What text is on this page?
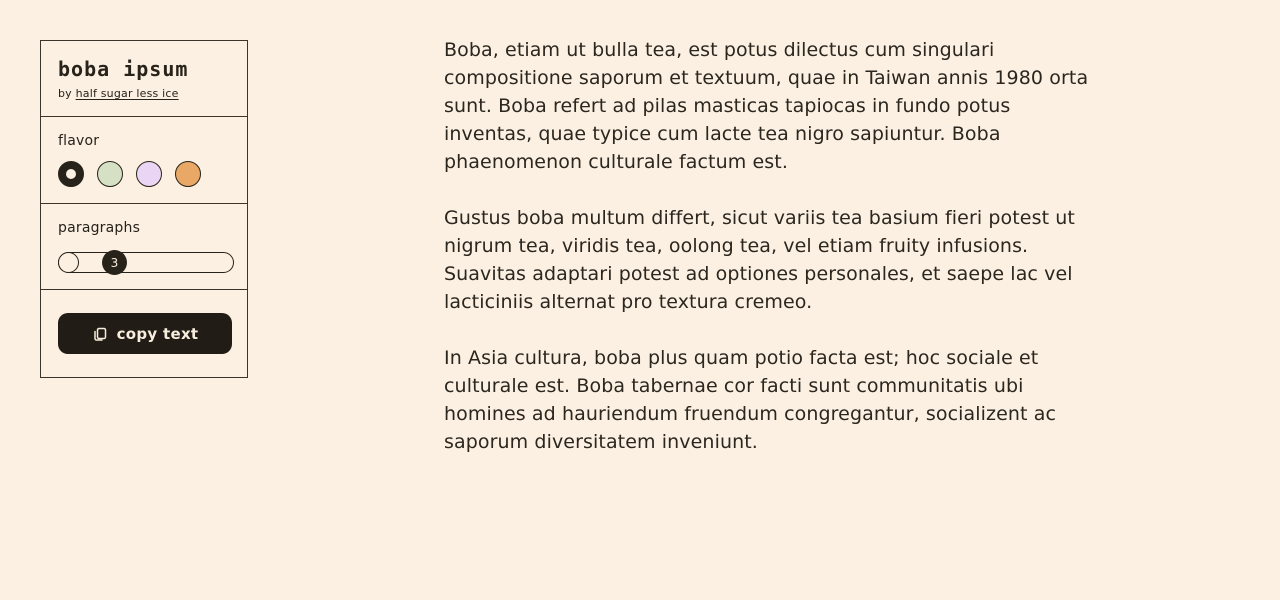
boba ipsum
by half sugar less ice
flavor
paragraphs
3
copy text

Boba, etiam ut bulla tea, est potus dilectus cum singulari compositione saporum et textuum, quae in Taiwan annis 1980 orta sunt. Boba refert ad pilas masticas tapiocas in fundo potus inventas, quae typice cum lacte tea nigro sapiuntur. Boba phaenomenon culturale factum est.

Gustus boba multum differt, sicut variis tea basium fieri potest ut nigrum tea, viridis tea, oolong tea, vel etiam fruity infusions. Suavitas adaptari potest ad optiones personales, et saepe lac vel lacticiniis alternat pro textura cremeo.

In Asia cultura, boba plus quam potio facta est; hoc sociale et culturale est. Boba tabernae cor facti sunt communitatis ubi homines ad hauriendum fruendum congregantur, socializent ac saporum diversitatem inveniunt.
